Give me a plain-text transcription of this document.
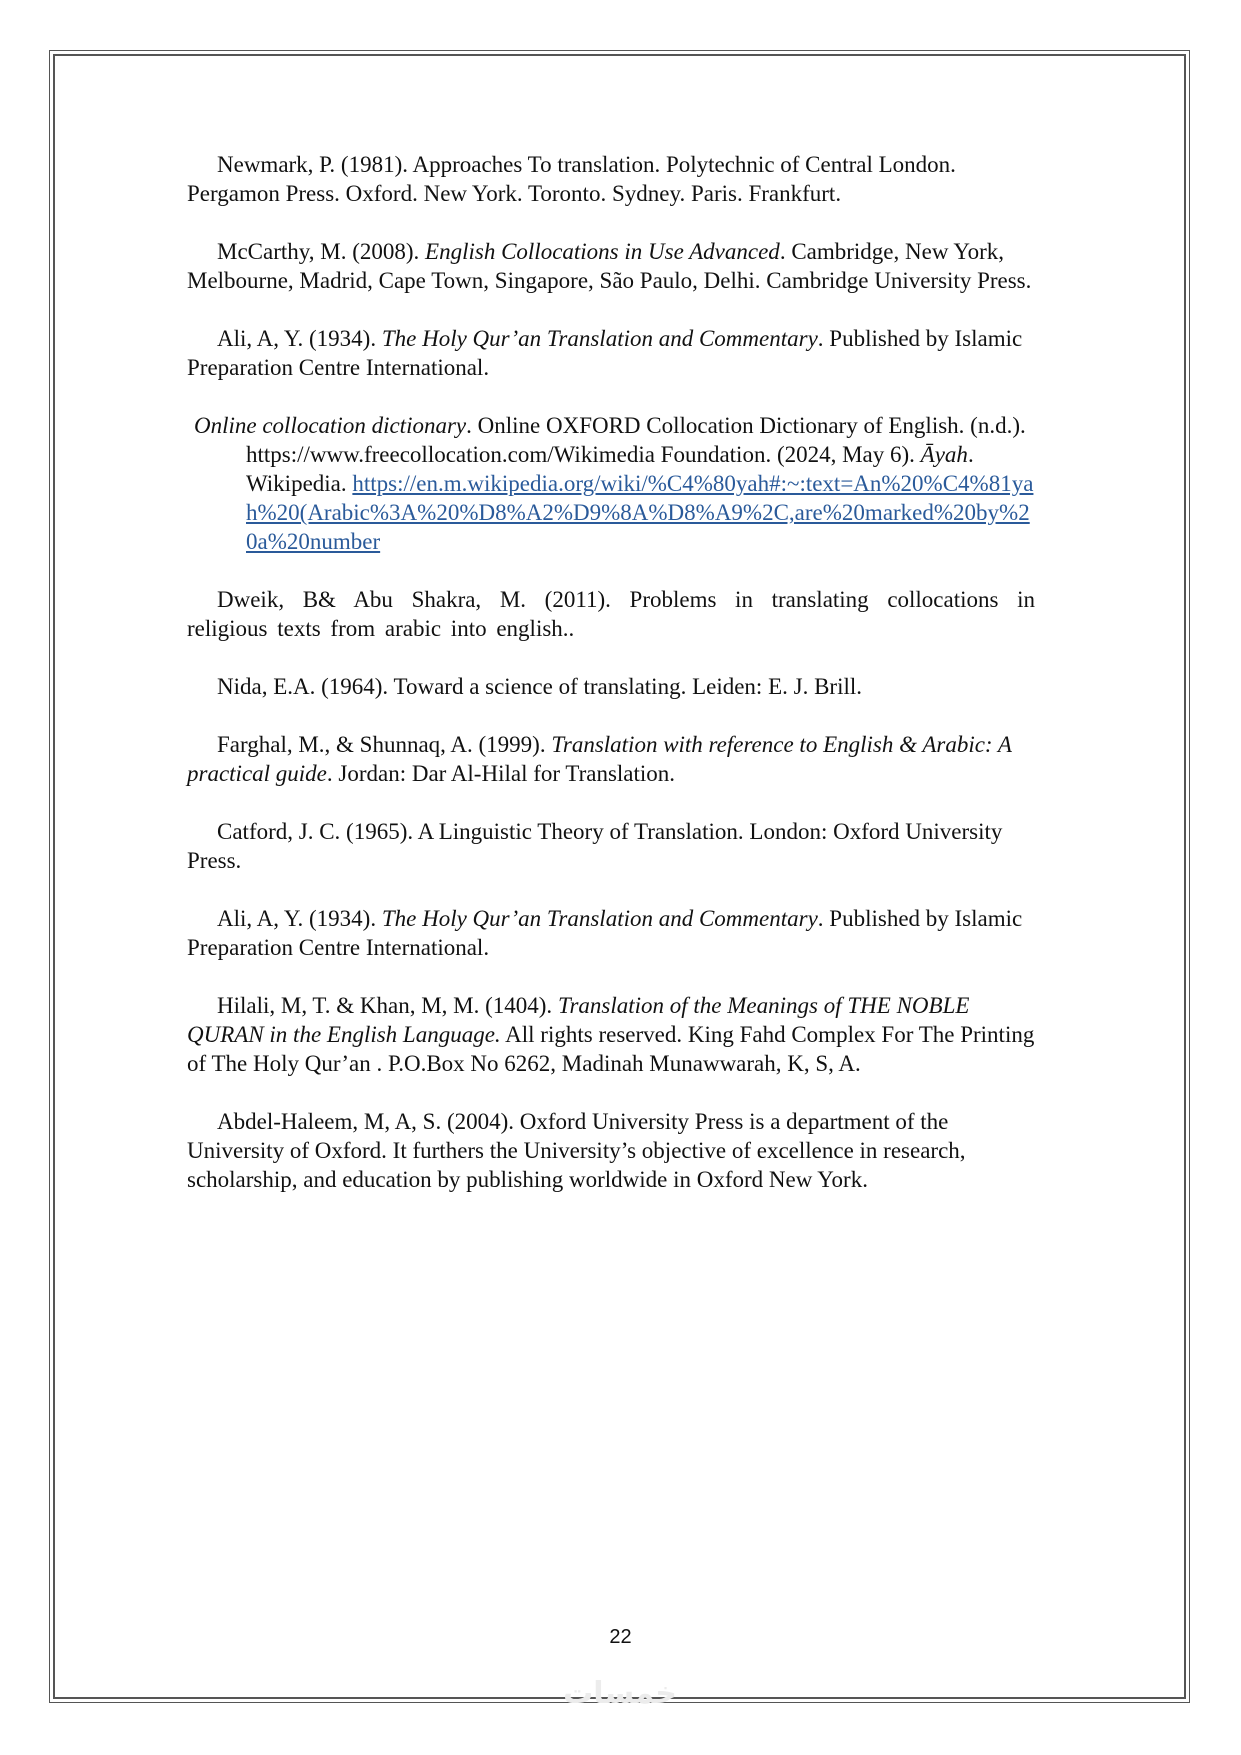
Newmark, P. (1981). Approaches To translation. Polytechnic of Central London. Pergamon Press. Oxford. New York. Toronto. Sydney. Paris. Frankfurt.

McCarthy, M. (2008). English Collocations in Use Advanced. Cambridge, New York, Melbourne, Madrid, Cape Town, Singapore, São Paulo, Delhi. Cambridge University Press.

Ali, A, Y. (1934). The Holy Qur’an Translation and Commentary. Published by Islamic Preparation Centre International.

Online collocation dictionary. Online OXFORD Collocation Dictionary of English. (n.d.). https://www.freecollocation.com/Wikimedia Foundation. (2024, May 6). Āyah. Wikipedia. https://en.m.wikipedia.org/wiki/%C4%80yah#:~:text=An%20%C4%81yah%20(Arabic%3A%20%D8%A2%D9%8A%D8%A9%2C,are%20marked%20by%20a%20number

Dweik, B& Abu Shakra, M. (2011). Problems in translating collocations in religious texts from arabic into english..

Nida, E.A. (1964). Toward a science of translating. Leiden: E. J. Brill.

Farghal, M., & Shunnaq, A. (1999). Translation with reference to English & Arabic: A practical guide. Jordan: Dar Al-Hilal for Translation.

Catford, J. C. (1965). A Linguistic Theory of Translation. London: Oxford University Press.

Ali, A, Y. (1934). The Holy Qur’an Translation and Commentary. Published by Islamic Preparation Centre International.

Hilali, M, T. & Khan, M, M. (1404). Translation of the Meanings of THE NOBLE QURAN in the English Language. All rights reserved. King Fahd Complex For The Printing of The Holy Qur’an . P.O.Box No 6262, Madinah Munawwarah, K, S, A.

Abdel-Haleem, M, A, S. (2004). Oxford University Press is a department of the University of Oxford. It furthers the University’s objective of excellence in research, scholarship, and education by publishing worldwide in Oxford New York.

22
خمسات
